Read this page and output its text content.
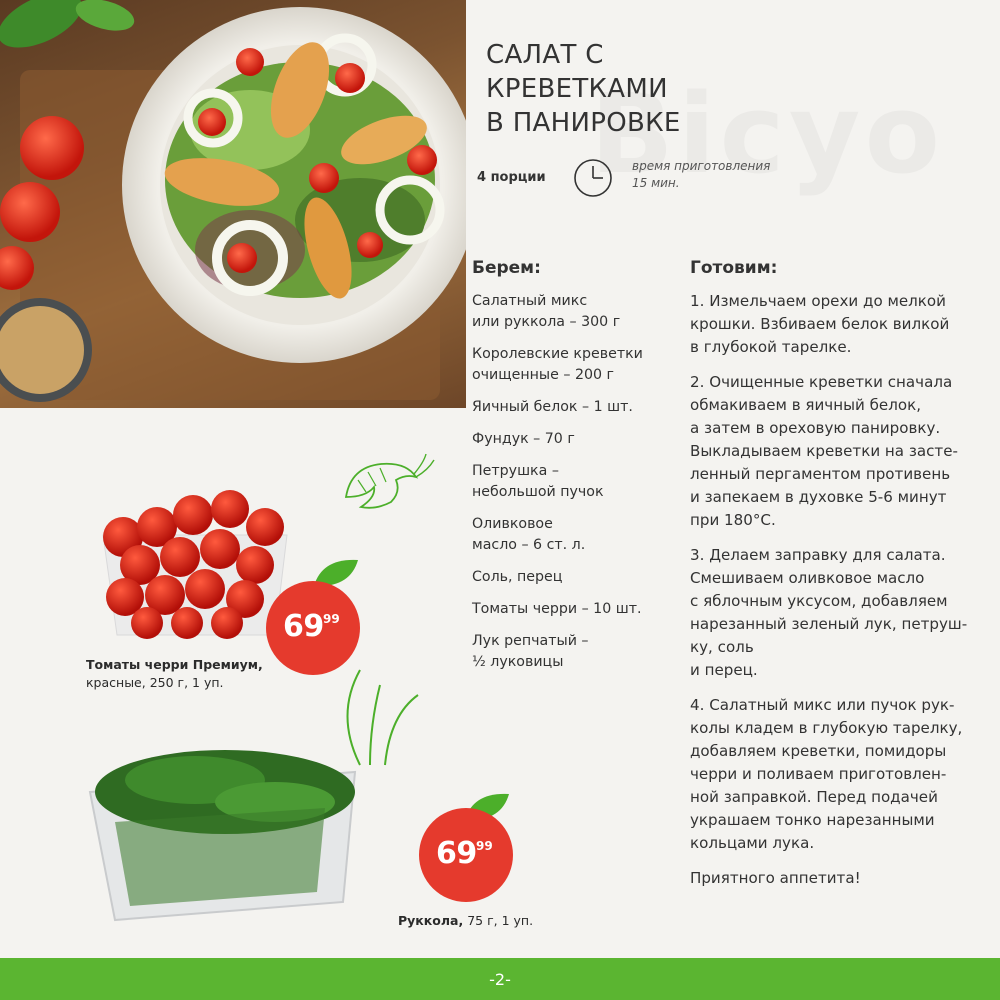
САЛАТ С КРЕВЕТКАМИ
В ПАНИРОВКЕ
4 порции
время приготовления
15 мин.
Берем:
Салатный микс
или руккола – 300 г
Королевские креветки
очищенные – 200 г
Яичный белок – 1 шт.
Фундук – 70 г
Петрушка –
небольшой пучок
Оливковое
масло – 6 ст. л.
Соль, перец
Томаты черри – 10 шт.
Лук репчатый –
½ луковицы
Готовим:

1. Измельчаем орехи до мелкой
крошки. Взбиваем белок вилкой
в глубокой тарелке.

2. Очищенные креветки сначала
обмакиваем в яичный белок,
а затем в ореховую панировку.
Выкладываем креветки на застe-
ленный пергаментом противень
и запекаем в духовке 5-6 минут
при 180°С.

3. Делаем заправку для салата.
Смешиваем оливковое масло
с яблочным уксусом, добавляем
нарезанный зеленый лук, петруш-
ку, соль
и перец.

4. Салатный микс или пучок рук-
колы кладем в глубокую тарелку,
добавляем креветки, помидоры
черри и поливаем приготовлен-
ной заправкой. Перед подачей
украшаем тонко нарезанными
кольцами лука.

Приятного аппетита!

69 99
Томаты черри Премиум,
красные, 250 г, 1 уп.
69 99
Руккола, 75 г, 1 уп.
-2-
